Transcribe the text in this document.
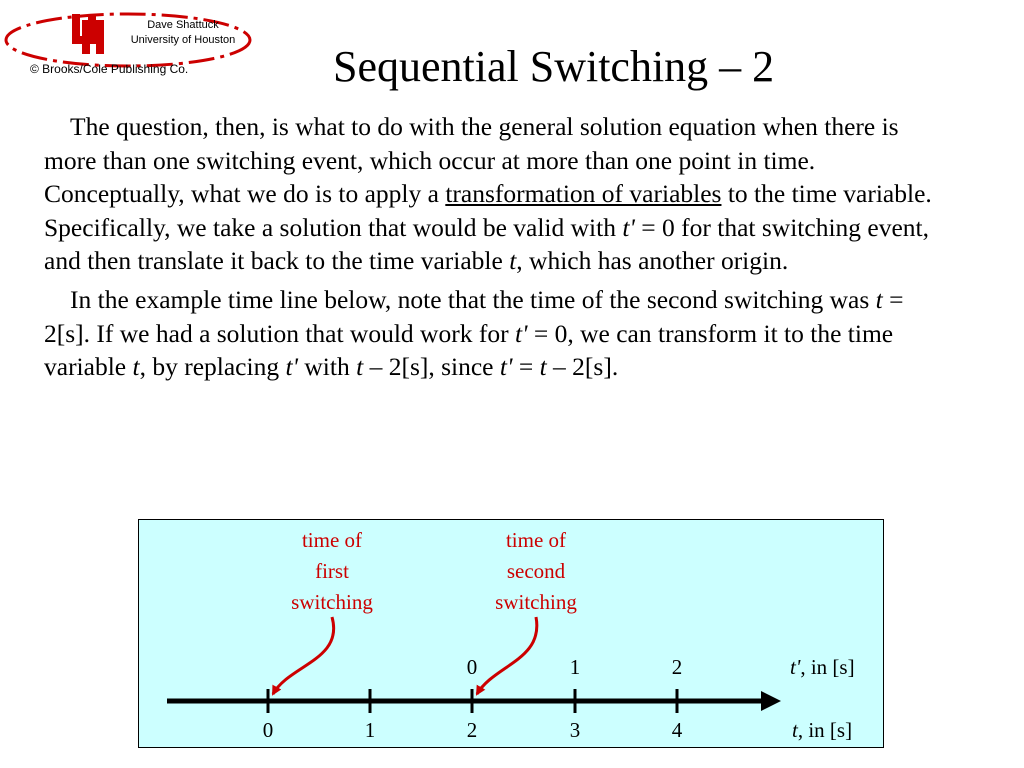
Dave Shattuck
University of Houston
© Brooks/Cole Publishing Co.	Sequential Switching – 2

The question, then, is what to do with the general solution equation when there is more than one switching event, which occur at more than one point in time. Conceptually, what we do is to apply a transformation of variables to the time variable. Specifically, we take a solution that would be valid with t' = 0 for that switching event, and then translate it back to the time variable t, which has another origin.

In the example time line below, note that the time of the second switching was t = 2[s]. If we had a solution that would work for t' = 0, we can transform it to the time variable t, by replacing t' with t – 2[s], since t' = t – 2[s].

time of
first
switching
time of
second
switching
0	1	2	t', in [s]
0	1	2	3	4	t, in [s]
